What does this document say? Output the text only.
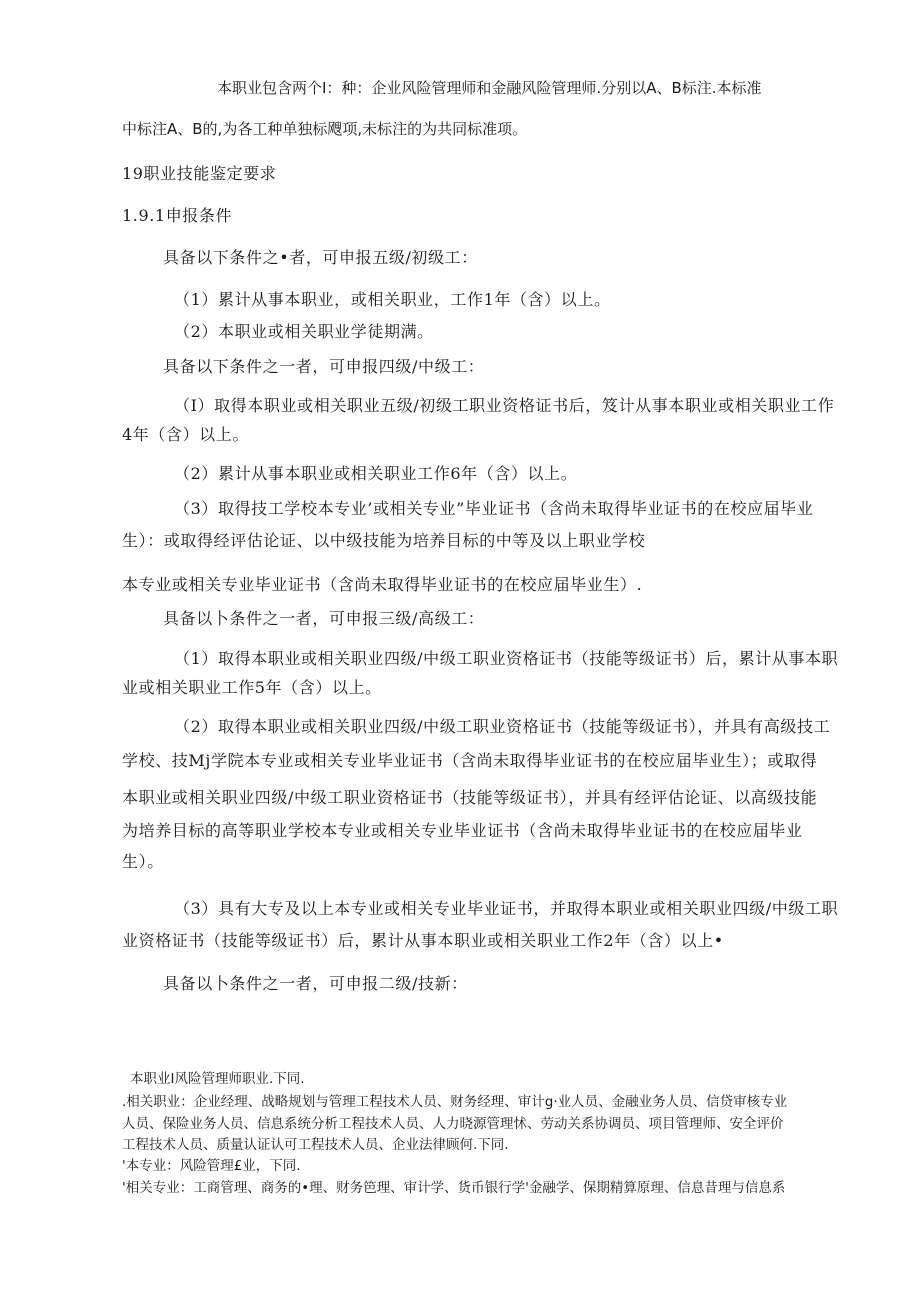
本职业包含两个I：种：企业风险管理师和金融风险管理师.分别以A、B标注.本标准
中标注A、B的,为各工种单独标飕项,未标注的为共同标准项。
19职业技能鉴定要求
1.9.1申报条件
具备以下条件之•者，可申报五级/初级工：
（1）累计从事本职业，或相关职业，工作1年（含）以上。
（2）本职业或相关职业学徒期满。
具备以下条件之一者，可申报四级/中级工：
（I）取得本职业或相关职业五级/初级工职业资格证书后，笈计从事本职业或相关职业工作
4年（含）以上。
（2）累计从事本职业或相关职业工作6年（含）以上。
（3）取得技工学校本专业’或相关专业”毕业证书（含尚未取得毕业证书的在校应届毕业
生）：或取得经评估论证、以中级技能为培养目标的中等及以上职业学校
本专业或相关专业毕业证书（含尚未取得毕业证书的在校应届毕业生）.
具备以卜条件之一者，可申报三级/高级工：
（1）取得本职业或相关职业四级/中级工职业资格证书（技能等级证书）后，累计从事本职
业或相关职业工作5年（含）以上。
（2）取得本职业或相关职业四级/中级工职业资格证书（技能等级证书），并具有高级技工
学校、技Mj学院本专业或相关专业毕业证书（含尚未取得毕业证书的在校应届毕业生）；或取得
本职业或相关职业四级/中级工职业资格证书（技能等级证书），并具有经评估论证、以高级技能
为培养目标的高等职业学校本专业或相关专业毕业证书（含尚未取得毕业证书的在校应届毕业
生）。
（3）具有大专及以上本专业或相关专业毕业证书，并取得本职业或相关职业四级/中级工职
业资格证书（技能等级证书）后，累计从事本职业或相关职业工作2年（含）以上•
具备以卜条件之一者，可申报二级/技新：
本职业I风险管理师职业.下同.
.相关职业：企业经理、战略规划与管理工程技术人员、财务经理、审计g·业人员、金融业务人员、信贷审核专业
人员、保险业务人员、信息系统分析工程技术人员、人力晓源管理怵、劳动关系协调员、项目管理师、安全评价
工程技术人员、质量认证认可工程技术人员、企业法律顾何.下同.
'本专业：风险管理£业，下同.
'相关专业：工商管理、商务的•理、财务笆理、审计学、货币银行学'金融学、保期精算原理、信息昔理与信息系
